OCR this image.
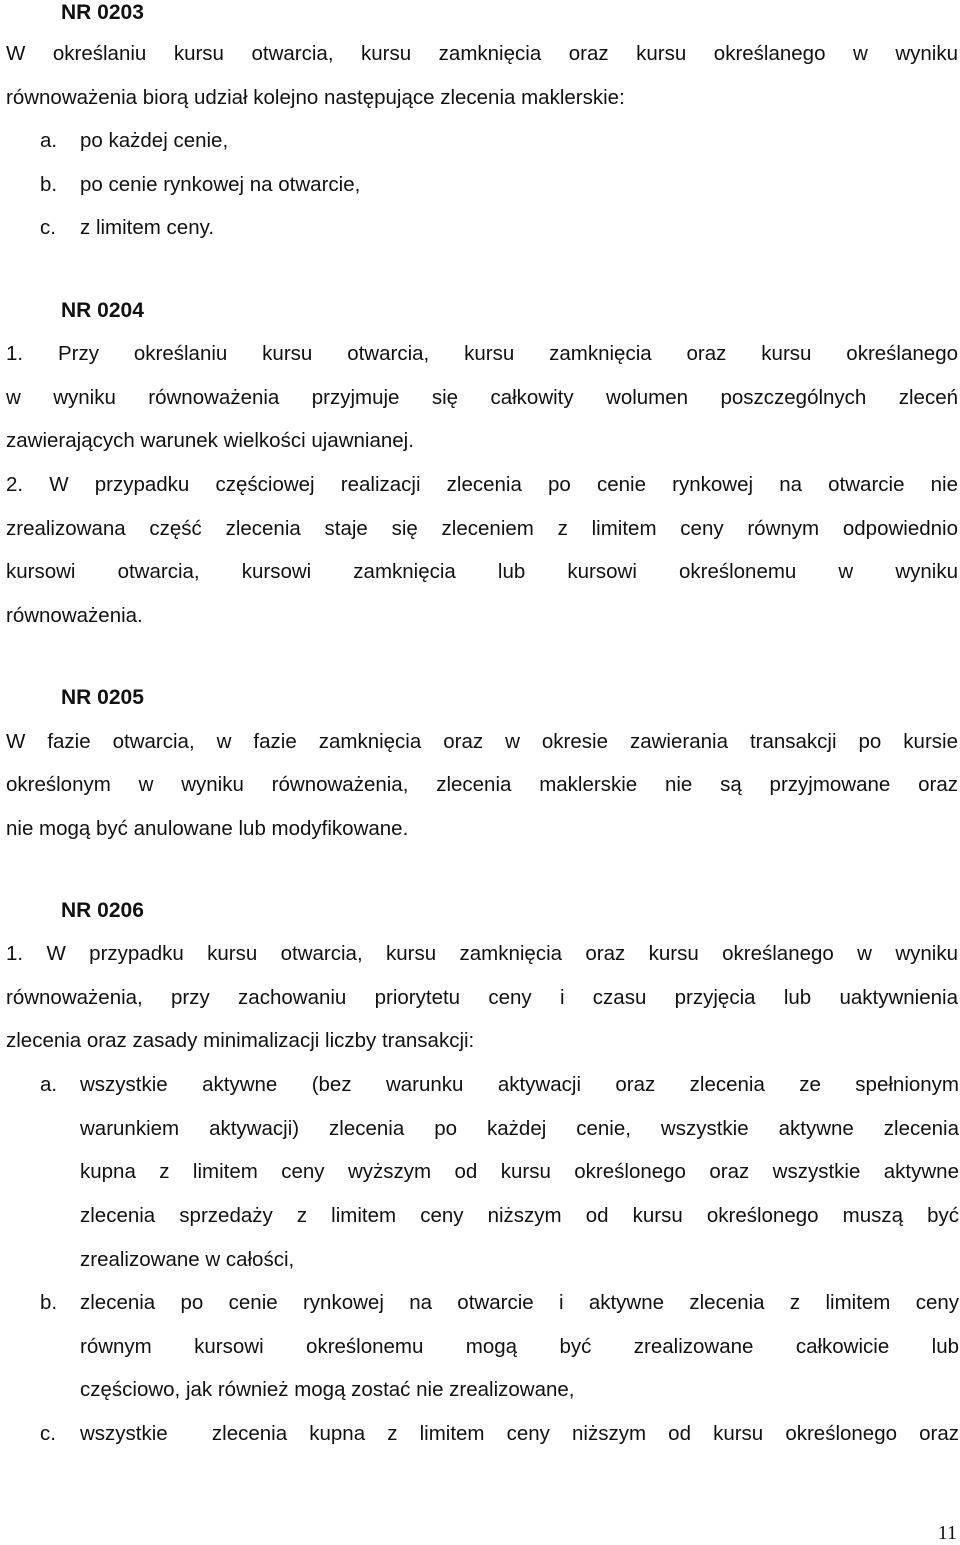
NR 0203
W określaniu kursu otwarcia, kursu zamknięcia oraz kursu określanego w wyniku
równoważenia biorą udział kolejno następujące zlecenia maklerskie:
a. po każdej cenie,
b. po cenie rynkowej na otwarcie,
c. z limitem ceny.
NR 0204
1. Przy określaniu kursu otwarcia, kursu zamknięcia oraz kursu określanego
w wyniku równoważenia przyjmuje się całkowity wolumen poszczególnych zleceń
zawierających warunek wielkości ujawnianej.
2. W przypadku częściowej realizacji zlecenia po cenie rynkowej na otwarcie nie
zrealizowana część zlecenia staje się zleceniem z limitem ceny równym odpowiednio
kursowi otwarcia, kursowi zamknięcia lub kursowi określonemu w wyniku
równoważenia.
NR 0205
W fazie otwarcia, w fazie zamknięcia oraz w okresie zawierania transakcji po kursie
określonym w wyniku równoważenia, zlecenia maklerskie nie są przyjmowane oraz
nie mogą być anulowane lub modyfikowane.
NR 0206
1. W przypadku kursu otwarcia, kursu zamknięcia oraz kursu określanego w wyniku
równoważenia, przy zachowaniu priorytetu ceny i czasu przyjęcia lub uaktywnienia
zlecenia oraz zasady minimalizacji liczby transakcji:
a. wszystkie aktywne (bez warunku aktywacji oraz zlecenia ze spełnionym
warunkiem aktywacji) zlecenia po każdej cenie, wszystkie aktywne zlecenia
kupna z limitem ceny wyższym od kursu określonego oraz wszystkie aktywne
zlecenia sprzedaży z limitem ceny niższym od kursu określonego muszą być
zrealizowane w całości,
b. zlecenia po cenie rynkowej na otwarcie i aktywne zlecenia z limitem ceny
równym kursowi określonemu mogą być zrealizowane całkowicie lub
częściowo, jak również mogą zostać nie zrealizowane,
c. wszystkie  zlecenia kupna z limitem ceny niższym od kursu określonego oraz
11
